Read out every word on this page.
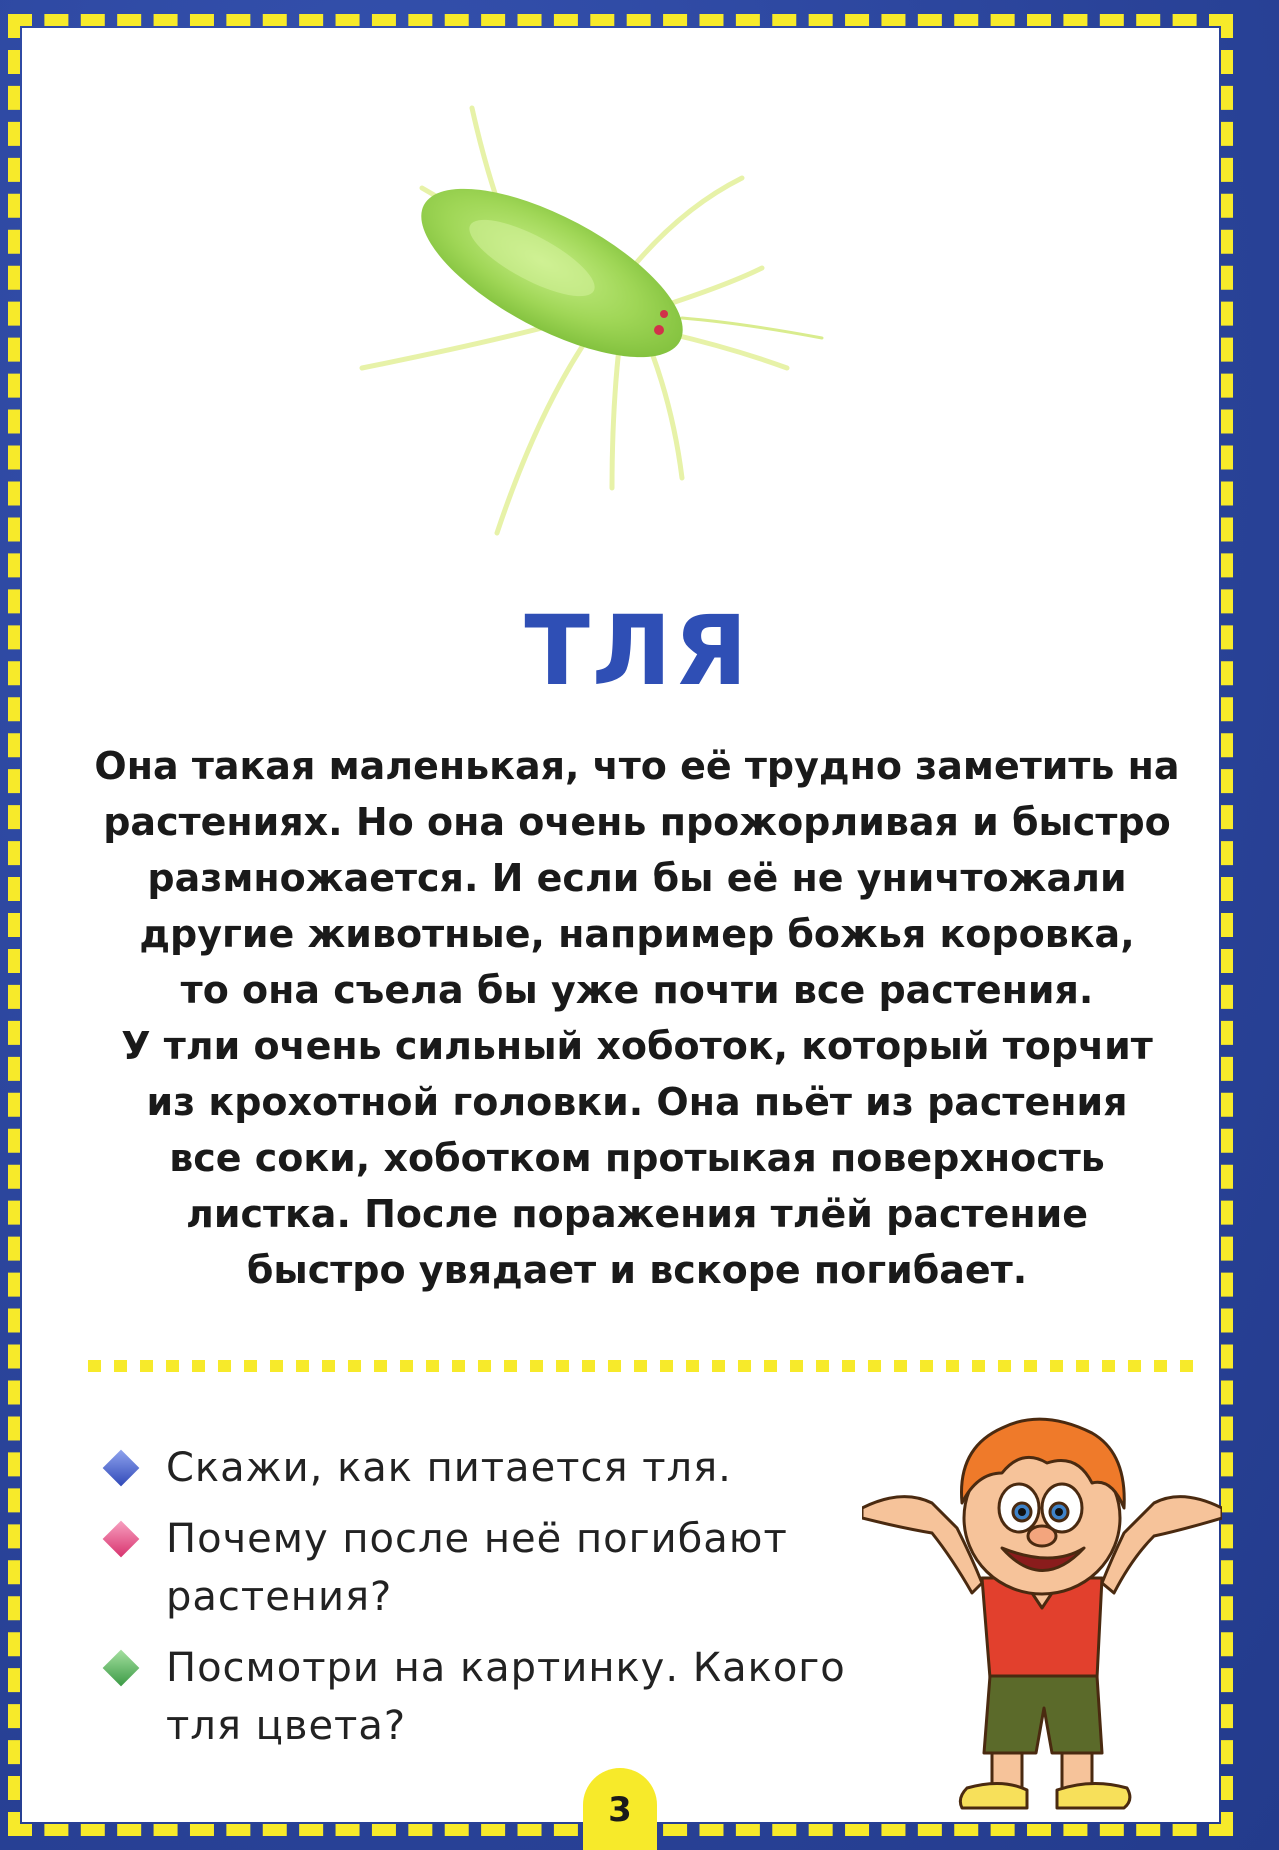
ТЛЯ
Она такая маленькая, что её трудно заметить на
растениях. Но она очень прожорливая и быстро
размножается. И если бы её не уничтожали
другие животные, например божья коровка,
то она съела бы уже почти все растения.
У тли очень сильный хоботок, который торчит
из крохотной головки. Она пьёт из растения
все соки, хоботком протыкая поверхность
листка. После поражения тлёй растение
быстро увядает и вскоре погибает.
Скажи, как питается тля.
Почему после неё погибают
растения?
Посмотри на картинку. Какого
тля цвета?
3
